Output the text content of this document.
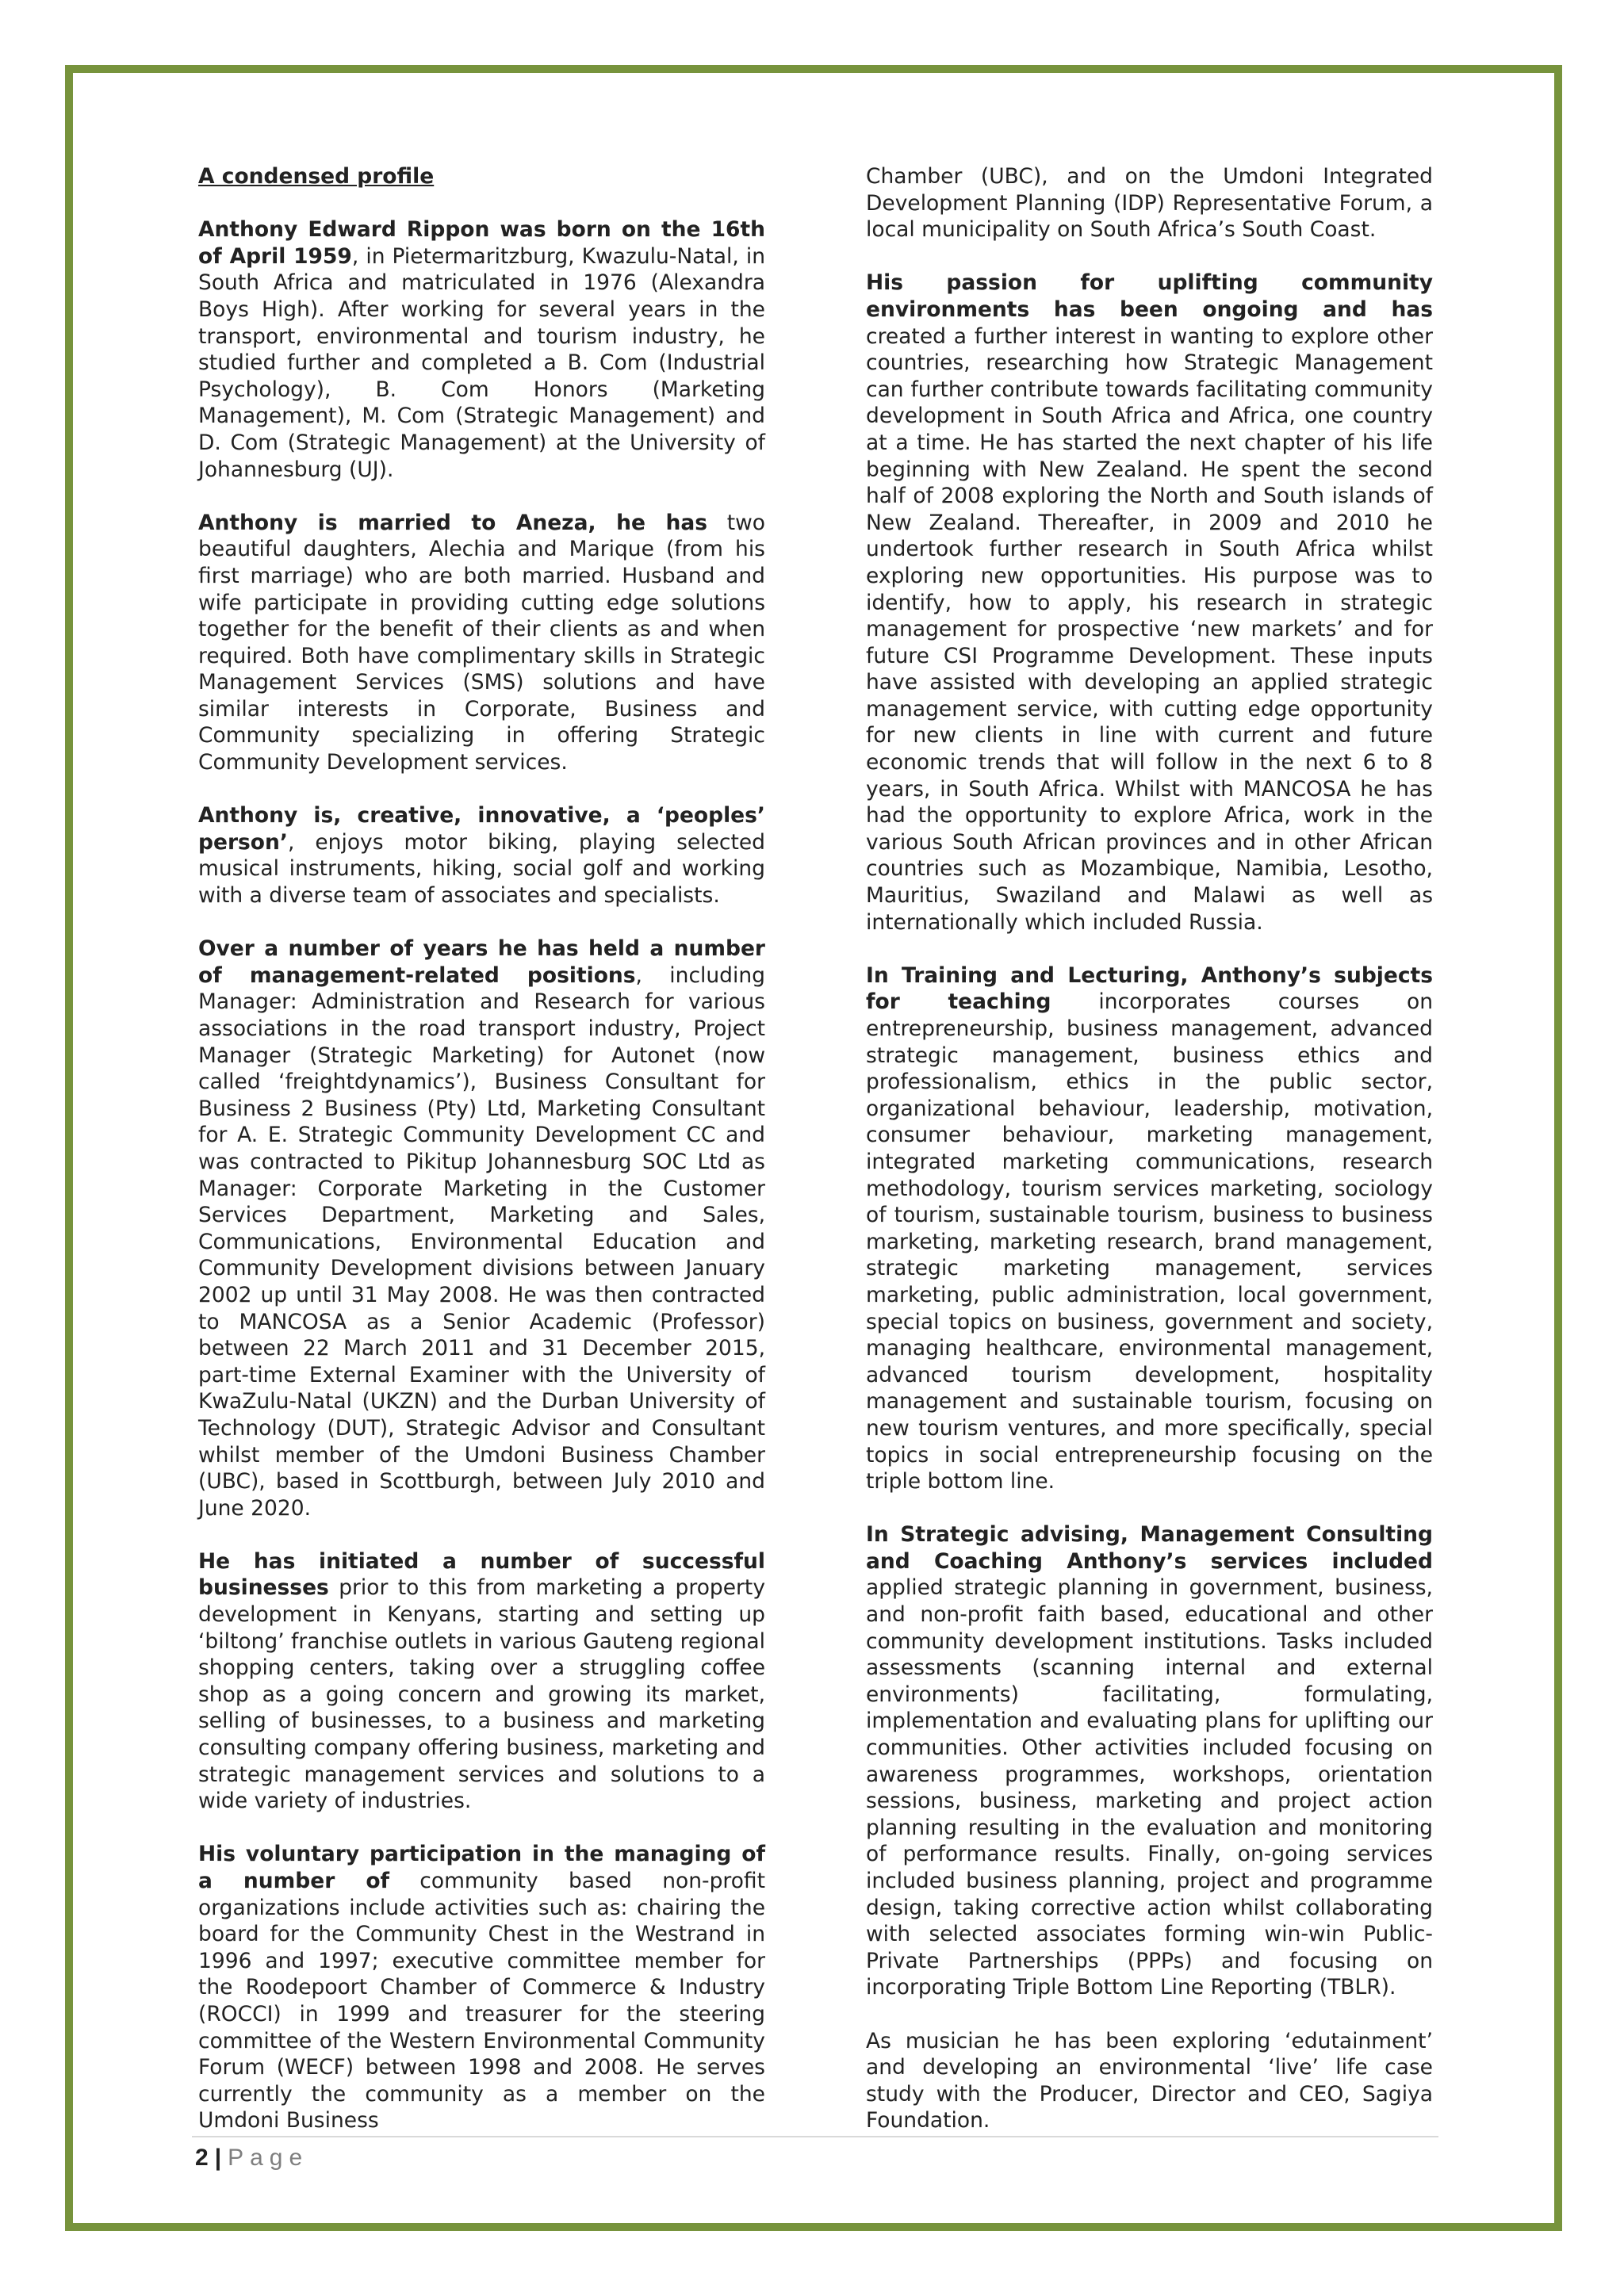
A condensed profile

Anthony Edward Rippon was born on the 16th of April 1959, in Pietermaritzburg, Kwazulu-Natal, in South Africa and matriculated in 1976 (Alexandra Boys High). After working for several years in the transport, environmental and tourism industry, he studied further and completed a B. Com (Industrial Psychology), B. Com Honors (Marketing Management), M. Com (Strategic Management) and D. Com (Strategic Management) at the University of Johannesburg (UJ).

Anthony is married to Aneza, he has two beautiful daughters, Alechia and Marique (from his first marriage) who are both married. Husband and wife participate in providing cutting edge solutions together for the benefit of their clients as and when required. Both have complimentary skills in Strategic Management Services (SMS) solutions and have similar interests in Corporate, Business and Community specializing in offering Strategic Community Development services.

Anthony is, creative, innovative, a ‘peoples’ person’, enjoys motor biking, playing selected musical instruments, hiking, social golf and working with a diverse team of associates and specialists.

Over a number of years he has held a number of management-related positions, including Manager: Administration and Research for various associations in the road transport industry, Project Manager (Strategic Marketing) for Autonet (now called ‘freightdynamics’), Business Consultant for Business 2 Business (Pty) Ltd, Marketing Consultant for A. E. Strategic Community Development CC and was contracted to Pikitup Johannesburg SOC Ltd as Manager: Corporate Marketing in the Customer Services Department, Marketing and Sales, Communications, Environmental Education and Community Development divisions between January 2002 up until 31 May 2008. He was then contracted to MANCOSA as a Senior Academic (Professor) between 22 March 2011 and 31 December 2015, part-time External Examiner with the University of KwaZulu-Natal (UKZN) and the Durban University of Technology (DUT), Strategic Advisor and Consultant whilst member of the Umdoni Business Chamber (UBC), based in Scottburgh, between July 2010 and June 2020.

He has initiated a number of successful businesses prior to this from marketing a property development in Kenyans, starting and setting up ‘biltong’ franchise outlets in various Gauteng regional shopping centers, taking over a struggling coffee shop as a going concern and growing its market, selling of businesses, to a business and marketing consulting company offering business, marketing and strategic management services and solutions to a wide variety of industries.

His voluntary participation in the managing of a number of community based non-profit organizations include activities such as: chairing the board for the Community Chest in the Westrand in 1996 and 1997; executive committee member for the Roodepoort Chamber of Commerce & Industry (ROCCI) in 1999 and treasurer for the steering committee of the Western Environmental Community Forum (WECF) between 1998 and 2008. He serves currently the community as a member on the Umdoni Business

Chamber (UBC), and on the Umdoni Integrated Development Planning (IDP) Representative Forum, a local municipality on South Africa’s South Coast.

His passion for uplifting community environments has been ongoing and has created a further interest in wanting to explore other countries, researching how Strategic Management can further contribute towards facilitating community development in South Africa and Africa, one country at a time. He has started the next chapter of his life beginning with New Zealand. He spent the second half of 2008 exploring the North and South islands of New Zealand. Thereafter, in 2009 and 2010 he undertook further research in South Africa whilst exploring new opportunities. His purpose was to identify, how to apply, his research in strategic management for prospective ‘new markets’ and for future CSI Programme Development. These inputs have assisted with developing an applied strategic management service, with cutting edge opportunity for new clients in line with current and future economic trends that will follow in the next 6 to 8 years, in South Africa. Whilst with MANCOSA he has had the opportunity to explore Africa, work in the various South African provinces and in other African countries such as Mozambique, Namibia, Lesotho, Mauritius, Swaziland and Malawi as well as internationally which included Russia.

In Training and Lecturing, Anthony’s subjects for teaching incorporates courses on entrepreneurship, business management, advanced strategic management, business ethics and professionalism, ethics in the public sector, organizational behaviour, leadership, motivation, consumer behaviour, marketing management, integrated marketing communications, research methodology, tourism services marketing, sociology of tourism, sustainable tourism, business to business marketing, marketing research, brand management, strategic marketing management, services marketing, public administration, local government, special topics on business, government and society, managing healthcare, environmental management, advanced tourism development, hospitality management and sustainable tourism, focusing on new tourism ventures, and more specifically, special topics in social entrepreneurship focusing on the triple bottom line.

In Strategic advising, Management Consulting and Coaching Anthony’s services included applied strategic planning in government, business, and non-profit faith based, educational and other community development institutions. Tasks included assessments (scanning internal and external environments) facilitating, formulating, implementation and evaluating plans for uplifting our communities. Other activities included focusing on awareness programmes, workshops, orientation sessions, business, marketing and project action planning resulting in the evaluation and monitoring of performance results. Finally, on-going services included business planning, project and programme design, taking corrective action whilst collaborating with selected associates forming win-win Public-Private Partnerships (PPPs) and focusing on incorporating Triple Bottom Line Reporting (TBLR).

As musician he has been exploring ‘edutainment’ and developing an environmental ‘live’ life case study with the Producer, Director and CEO, Sagiya Foundation.

2 | Page
